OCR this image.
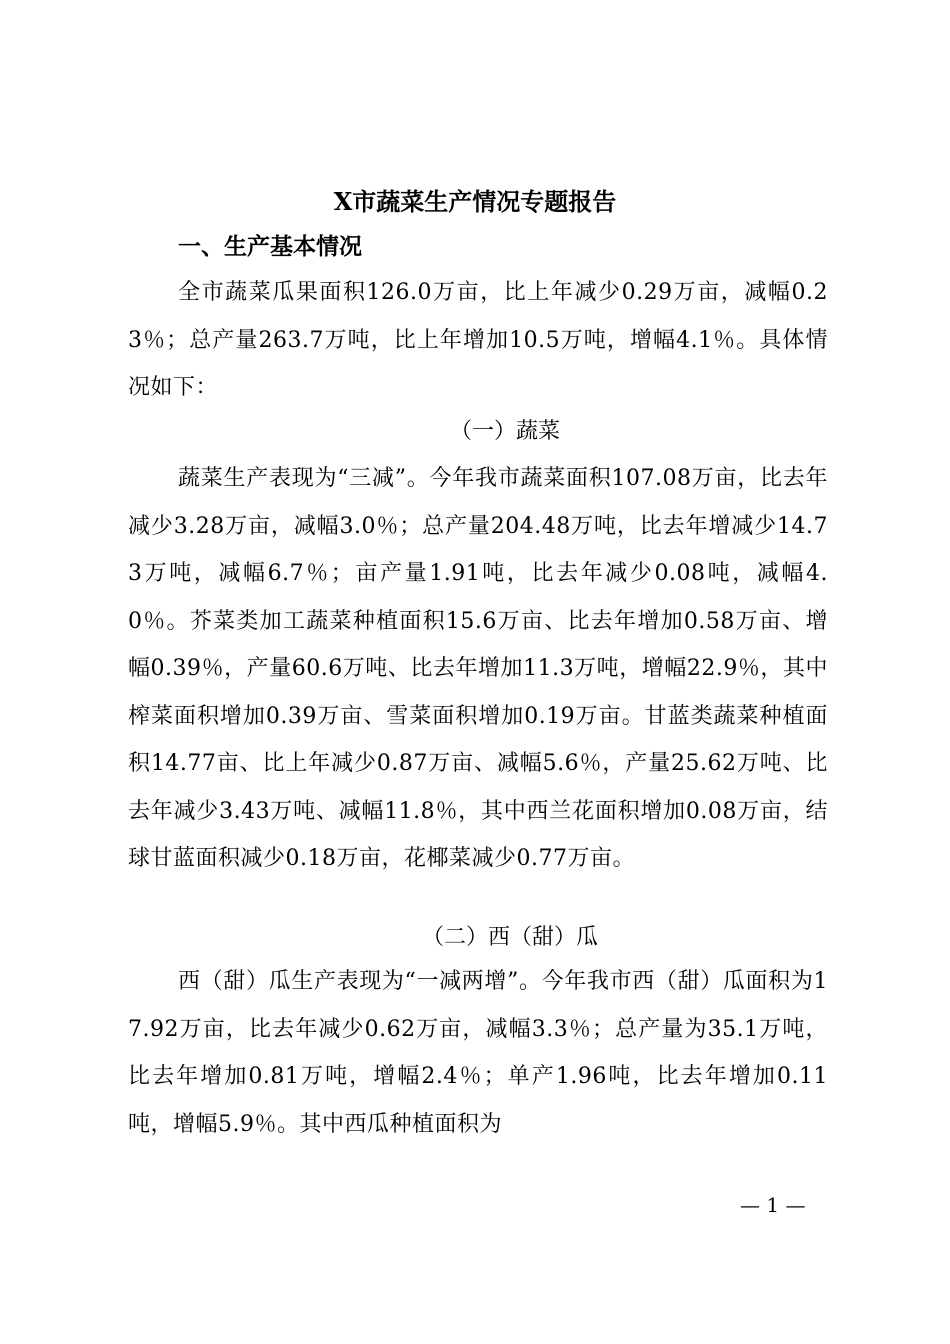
X市蔬菜生产情况专题报告
一、生产基本情况
全市蔬菜瓜果面积126.0万亩，比上年减少0.29万亩，减幅0.23％；总产量263.7万吨，比上年增加10.5万吨，增幅4.1％。具体情况如下：
（一）蔬菜
蔬菜生产表现为“三减”。今年我市蔬菜面积107.08万亩，比去年减少3.28万亩，减幅3.0％；总产量204.48万吨，比去年增减少14.73万吨，减幅6.7％；亩产量1.91吨，比去年减少0.08吨，减幅4.0％。芥菜类加工蔬菜种植面积15.6万亩、比去年增加0.58万亩、增幅0.39％，产量60.6万吨、比去年增加11.3万吨，增幅22.9％，其中榨菜面积增加0.39万亩、雪菜面积增加0.19万亩。甘蓝类蔬菜种植面积14.77亩、比上年减少0.87万亩、减幅5.6％，产量25.62万吨、比去年减少3.43万吨、减幅11.8％，其中西兰花面积增加0.08万亩，结球甘蓝面积减少0.18万亩，花椰菜减少0.77万亩。
（二）西（甜）瓜
西（甜）瓜生产表现为“一减两增”。今年我市西（甜）瓜面积为17.92万亩，比去年减少0.62万亩，减幅3.3％；总产量为35.1万吨，比去年增加0.81万吨，增幅2.4％；单产1.96吨，比去年增加0.11吨，增幅5.9％。其中西瓜种植面积为
— 1 —
